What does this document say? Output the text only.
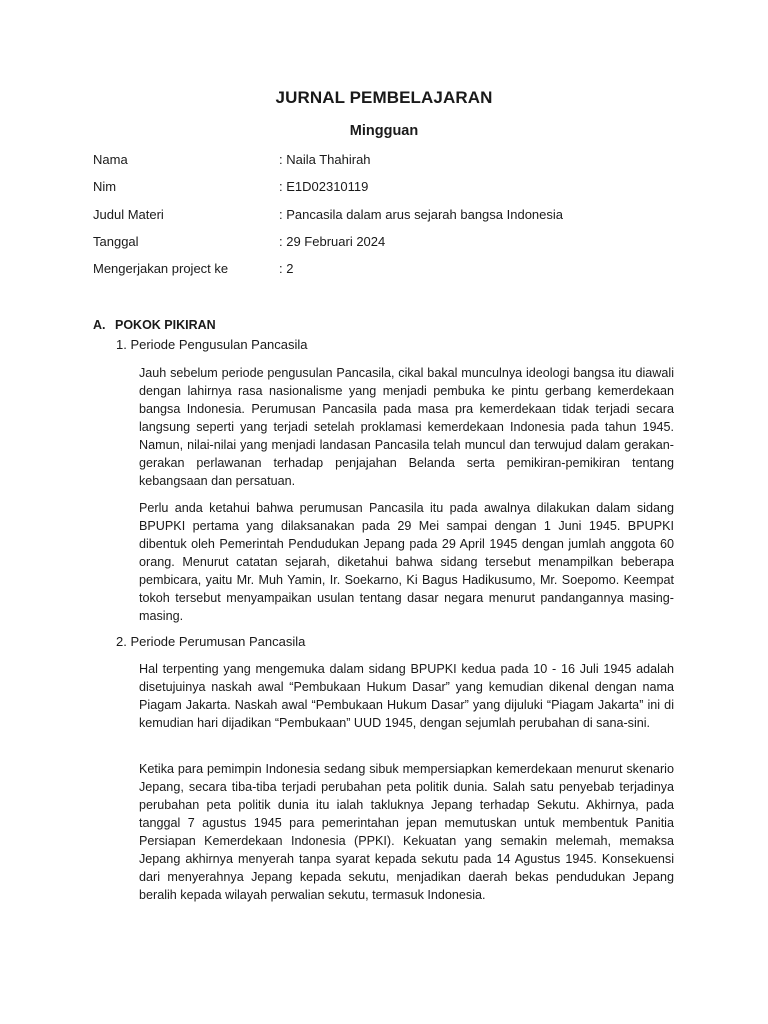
JURNAL PEMBELAJARAN
Mingguan
Nama	: Naila Thahirah
Nim	: E1D02310119
Judul Materi	: Pancasila dalam arus sejarah bangsa Indonesia
Tanggal	: 29 Februari 2024
Mengerjakan project ke	: 2
A. POKOK PIKIRAN
1. Periode Pengusulan Pancasila

Jauh sebelum periode pengusulan Pancasila, cikal bakal munculnya ideologi bangsa itu diawali dengan lahirnya rasa nasionalisme yang menjadi pembuka ke pintu gerbang kemerdekaan bangsa Indonesia. Perumusan Pancasila pada masa pra kemerdekaan tidak terjadi secara langsung seperti yang terjadi setelah proklamasi kemerdekaan Indonesia pada tahun 1945. Namun, nilai-nilai yang menjadi landasan Pancasila telah muncul dan terwujud dalam gerakan-gerakan perlawanan terhadap penjajahan Belanda serta pemikiran-pemikiran tentang kebangsaan dan persatuan.

Perlu anda ketahui bahwa perumusan Pancasila itu pada awalnya dilakukan dalam sidang BPUPKI pertama yang dilaksanakan pada 29 Mei sampai dengan 1 Juni 1945. BPUPKI dibentuk oleh Pemerintah Pendudukan Jepang pada 29 April 1945 dengan jumlah anggota 60 orang. Menurut catatan sejarah, diketahui bahwa sidang tersebut menampilkan beberapa pembicara, yaitu Mr. Muh Yamin, Ir. Soekarno, Ki Bagus Hadikusumo, Mr. Soepomo. Keempat tokoh tersebut menyampaikan usulan tentang dasar negara menurut pandangannya masing-masing.

2. Periode Perumusan Pancasila

Hal terpenting yang mengemuka dalam sidang BPUPKI kedua pada 10 - 16 Juli 1945 adalah disetujuinya naskah awal “Pembukaan Hukum Dasar” yang kemudian dikenal dengan nama Piagam Jakarta. Naskah awal “Pembukaan Hukum Dasar” yang dijuluki “Piagam Jakarta” ini di kemudian hari dijadikan “Pembukaan” UUD 1945, dengan sejumlah perubahan di sana-sini.

Ketika para pemimpin Indonesia sedang sibuk mempersiapkan kemerdekaan menurut skenario Jepang, secara tiba-tiba terjadi perubahan peta politik dunia. Salah satu penyebab terjadinya perubahan peta politik dunia itu ialah takluknya Jepang terhadap Sekutu. Akhirnya, pada tanggal 7 agustus 1945 para pemerintahan jepan memutuskan untuk membentuk Panitia Persiapan Kemerdekaan Indonesia (PPKI). Kekuatan yang semakin melemah, memaksa Jepang akhirnya menyerah tanpa syarat kepada sekutu pada 14 Agustus 1945. Konsekuensi dari menyerahnya Jepang kepada sekutu, menjadikan daerah bekas pendudukan Jepang beralih kepada wilayah perwalian sekutu, termasuk Indonesia.
